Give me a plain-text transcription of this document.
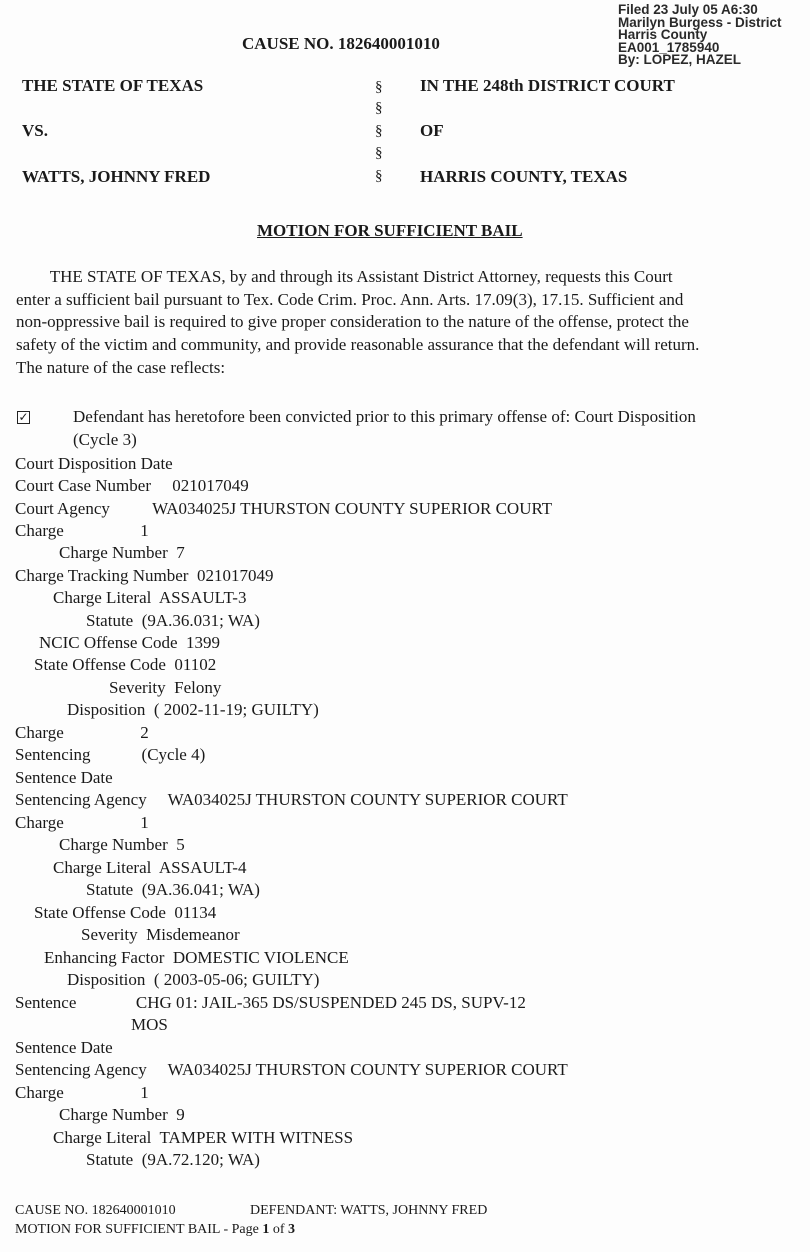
Filed 23 July 05 A6:30
Marilyn Burgess - District
Harris County
EA001_1785940
By: LOPEZ, HAZEL
CAUSE NO. 182640001010
THE STATE OF TEXAS
VS.
WATTS, JOHNNY FRED
§
§
§
§
§
IN THE 248th DISTRICT COURT
OF
HARRIS COUNTY, TEXAS
MOTION FOR SUFFICIENT BAIL

THE STATE OF TEXAS, by and through its Assistant District Attorney, requests this Court

enter a sufficient bail pursuant to Tex. Code Crim. Proc. Ann. Arts. 17.09(3), 17.15. Sufficient and

non-oppressive bail is required to give proper consideration to the nature of the offense, protect the

safety of the victim and community, and provide reasonable assurance that the defendant will return.

The nature of the case reflects:

✓	Defendant has heretofore been convicted prior to this primary offense of: Court Disposition
(Cycle 3)
Court Disposition Date
Court Case Number     021017049
Court Agency          WA034025J THURSTON COUNTY SUPERIOR COURT
Charge                  1
Charge Number  7
Charge Tracking Number  021017049
Charge Literal  ASSAULT-3
Statute  (9A.36.031; WA)
NCIC Offense Code  1399
State Offense Code  01102
Severity  Felony
Disposition  ( 2002-11-19; GUILTY)
Charge                  2
Sentencing            (Cycle 4)
Sentence Date
Sentencing Agency     WA034025J THURSTON COUNTY SUPERIOR COURT
Charge                  1
Charge Number  5
Charge Literal  ASSAULT-4
Statute  (9A.36.041; WA)
State Offense Code  01134
Severity  Misdemeanor
Enhancing Factor  DOMESTIC VIOLENCE
Disposition  ( 2003-05-06; GUILTY)
Sentence              CHG 01: JAIL-365 DS/SUSPENDED 245 DS, SUPV-12
MOS
Sentence Date
Sentencing Agency     WA034025J THURSTON COUNTY SUPERIOR COURT
Charge                  1
Charge Number  9
Charge Literal  TAMPER WITH WITNESS
Statute  (9A.72.120; WA)
CAUSE NO. 182640001010	DEFENDANT: WATTS, JOHNNY FRED
MOTION FOR SUFFICIENT BAIL - Page 1 of 3
